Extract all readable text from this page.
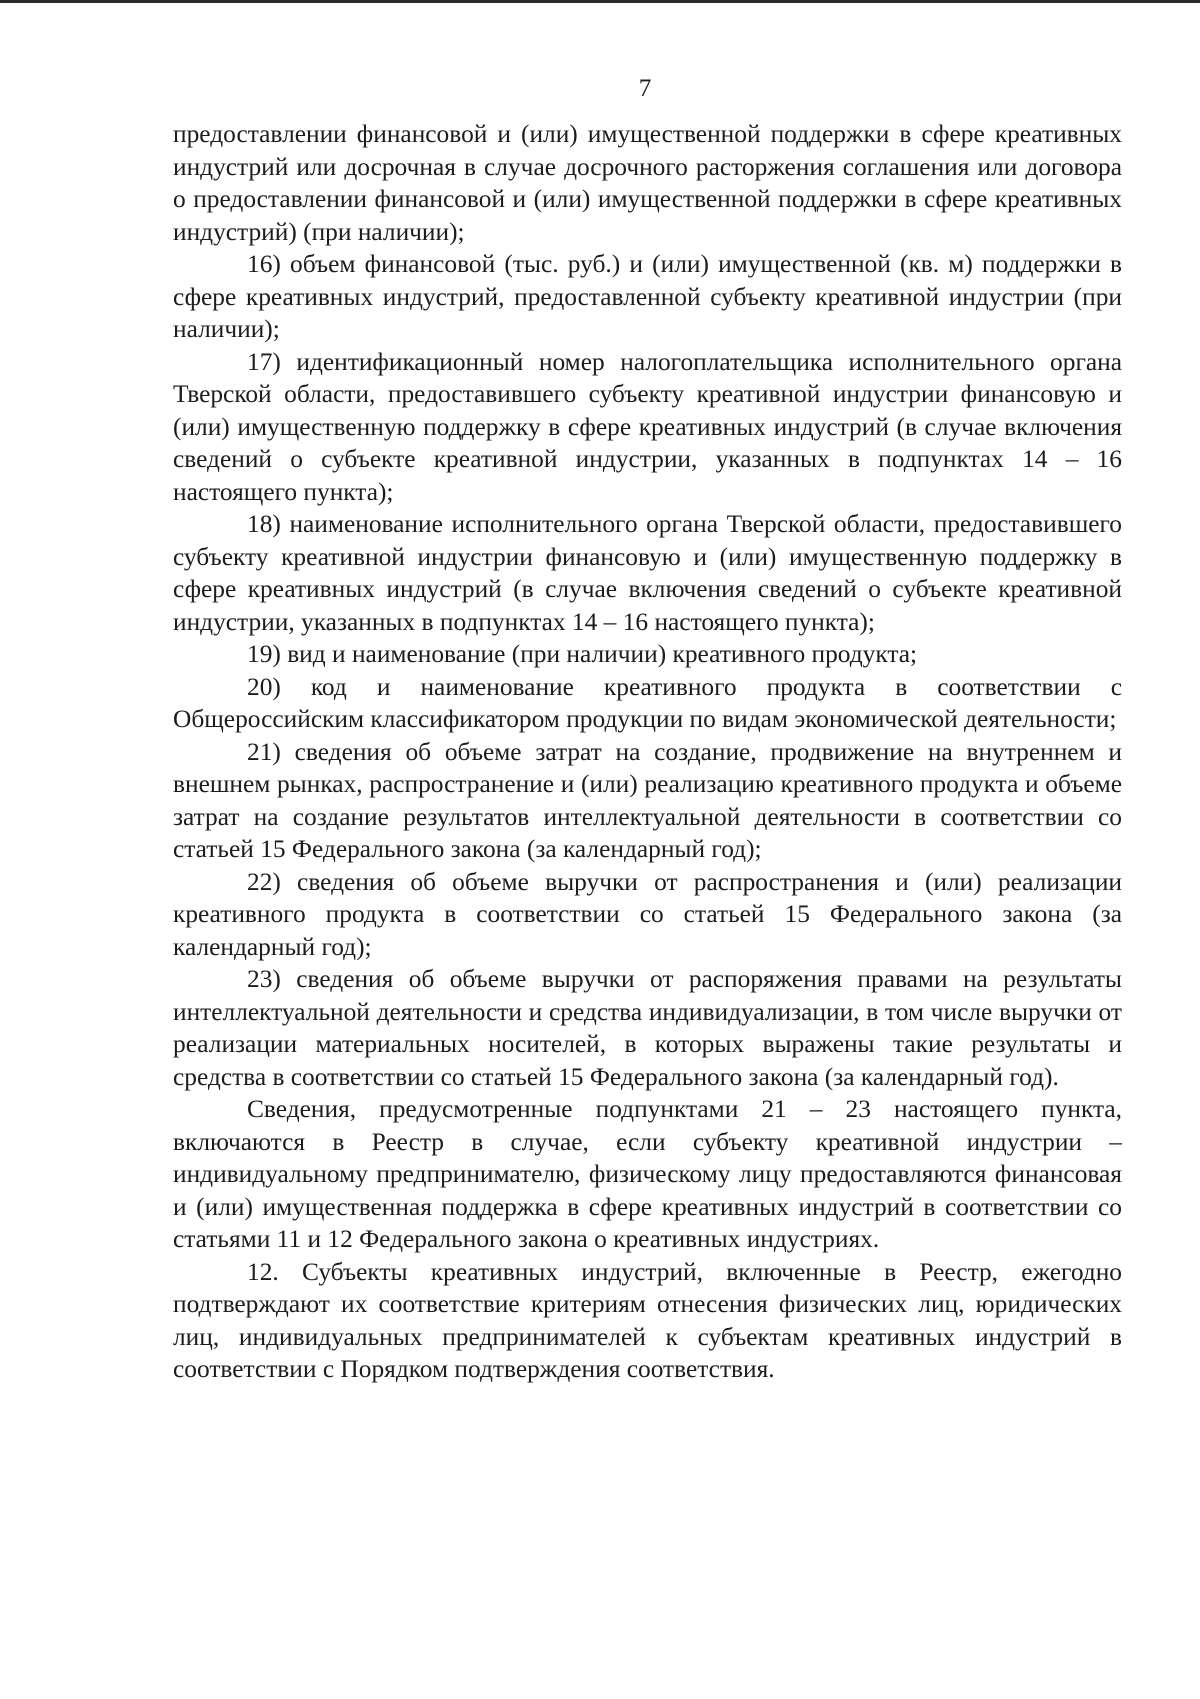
7

предоставлении финансовой и (или) имущественной поддержки в сфере креативных индустрий или досрочная в случае досрочного расторжения соглашения или договора о предоставлении финансовой и (или) имущественной поддержки в сфере креативных индустрий) (при наличии);

16) объем финансовой (тыс. руб.) и (или) имущественной (кв. м) поддержки в сфере креативных индустрий, предоставленной субъекту креативной индустрии (при наличии);

17) идентификационный номер налогоплательщика исполнительного органа Тверской области, предоставившего субъекту креативной индустрии финансовую и (или) имущественную поддержку в сфере креативных индустрий (в случае включения сведений о субъекте креативной индустрии, указанных в подпунктах 14 – 16 настоящего пункта);

18) наименование исполнительного органа Тверской области, предоставившего субъекту креативной индустрии финансовую и (или) имущественную поддержку в сфере креативных индустрий (в случае включения сведений о субъекте креативной индустрии, указанных в подпунктах 14 – 16 настоящего пункта);

19) вид и наименование (при наличии) креативного продукта;

20) код и наименование креативного продукта в соответствии с Общероссийским классификатором продукции по видам экономической деятельности;

21) сведения об объеме затрат на создание, продвижение на внутреннем и внешнем рынках, распространение и (или) реализацию креативного продукта и объеме затрат на создание результатов интеллектуальной деятельности в соответствии со статьей 15 Федерального закона (за календарный год);

22) сведения об объеме выручки от распространения и (или) реализации креативного продукта в соответствии со статьей 15 Федерального закона (за календарный год);

23) сведения об объеме выручки от распоряжения правами на результаты интеллектуальной деятельности и средства индивидуализации, в том числе выручки от реализации материальных носителей, в которых выражены такие результаты и средства в соответствии со статьей 15 Федерального закона (за календарный год).

Сведения, предусмотренные подпунктами 21 – 23 настоящего пункта, включаются в Реестр в случае, если субъекту креативной индустрии – индивидуальному предпринимателю, физическому лицу предоставляются финансовая и (или) имущественная поддержка в сфере креативных индустрий в соответствии со статьями 11 и 12 Федерального закона о креативных индустриях.

12. Субъекты креативных индустрий, включенные в Реестр, ежегодно подтверждают их соответствие критериям отнесения физических лиц, юридических лиц, индивидуальных предпринимателей к субъектам креативных индустрий в соответствии с Порядком подтверждения соответствия.
